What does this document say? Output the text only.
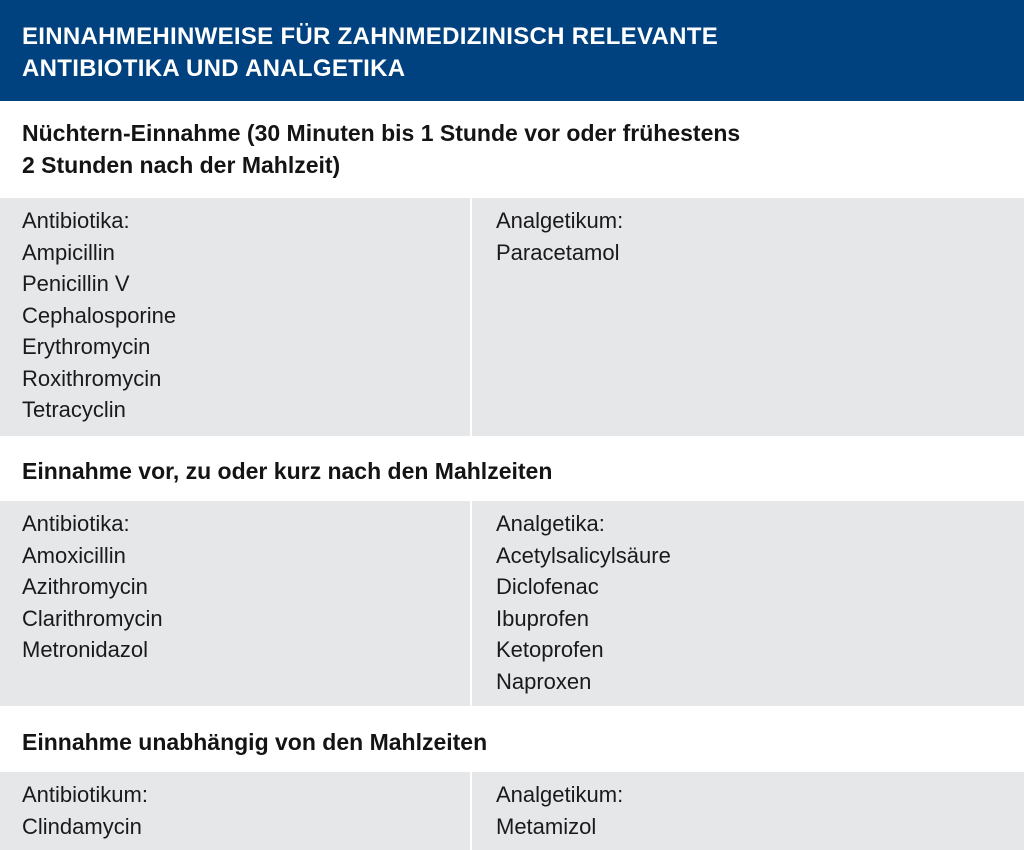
EINNAHMEHINWEISE FÜR ZAHNMEDIZINISCH RELEVANTE
ANTIBIOTIKA UND ANALGETIKA
Nüchtern-Einnahme (30 Minuten bis 1 Stunde vor oder frühestens
2 Stunden nach der Mahlzeit)
Antibiotika:
Ampicillin
Penicillin V
Cephalosporine
Erythromycin
Roxithromycin
Tetracyclin
Analgetikum:
Paracetamol
Einnahme vor, zu oder kurz nach den Mahlzeiten
Antibiotika:
Amoxicillin
Azithromycin
Clarithromycin
Metronidazol
Analgetika:
Acetylsalicylsäure
Diclofenac
Ibuprofen
Ketoprofen
Naproxen
Einnahme unabhängig von den Mahlzeiten
Antibiotikum:
Clindamycin
Analgetikum:
Metamizol
